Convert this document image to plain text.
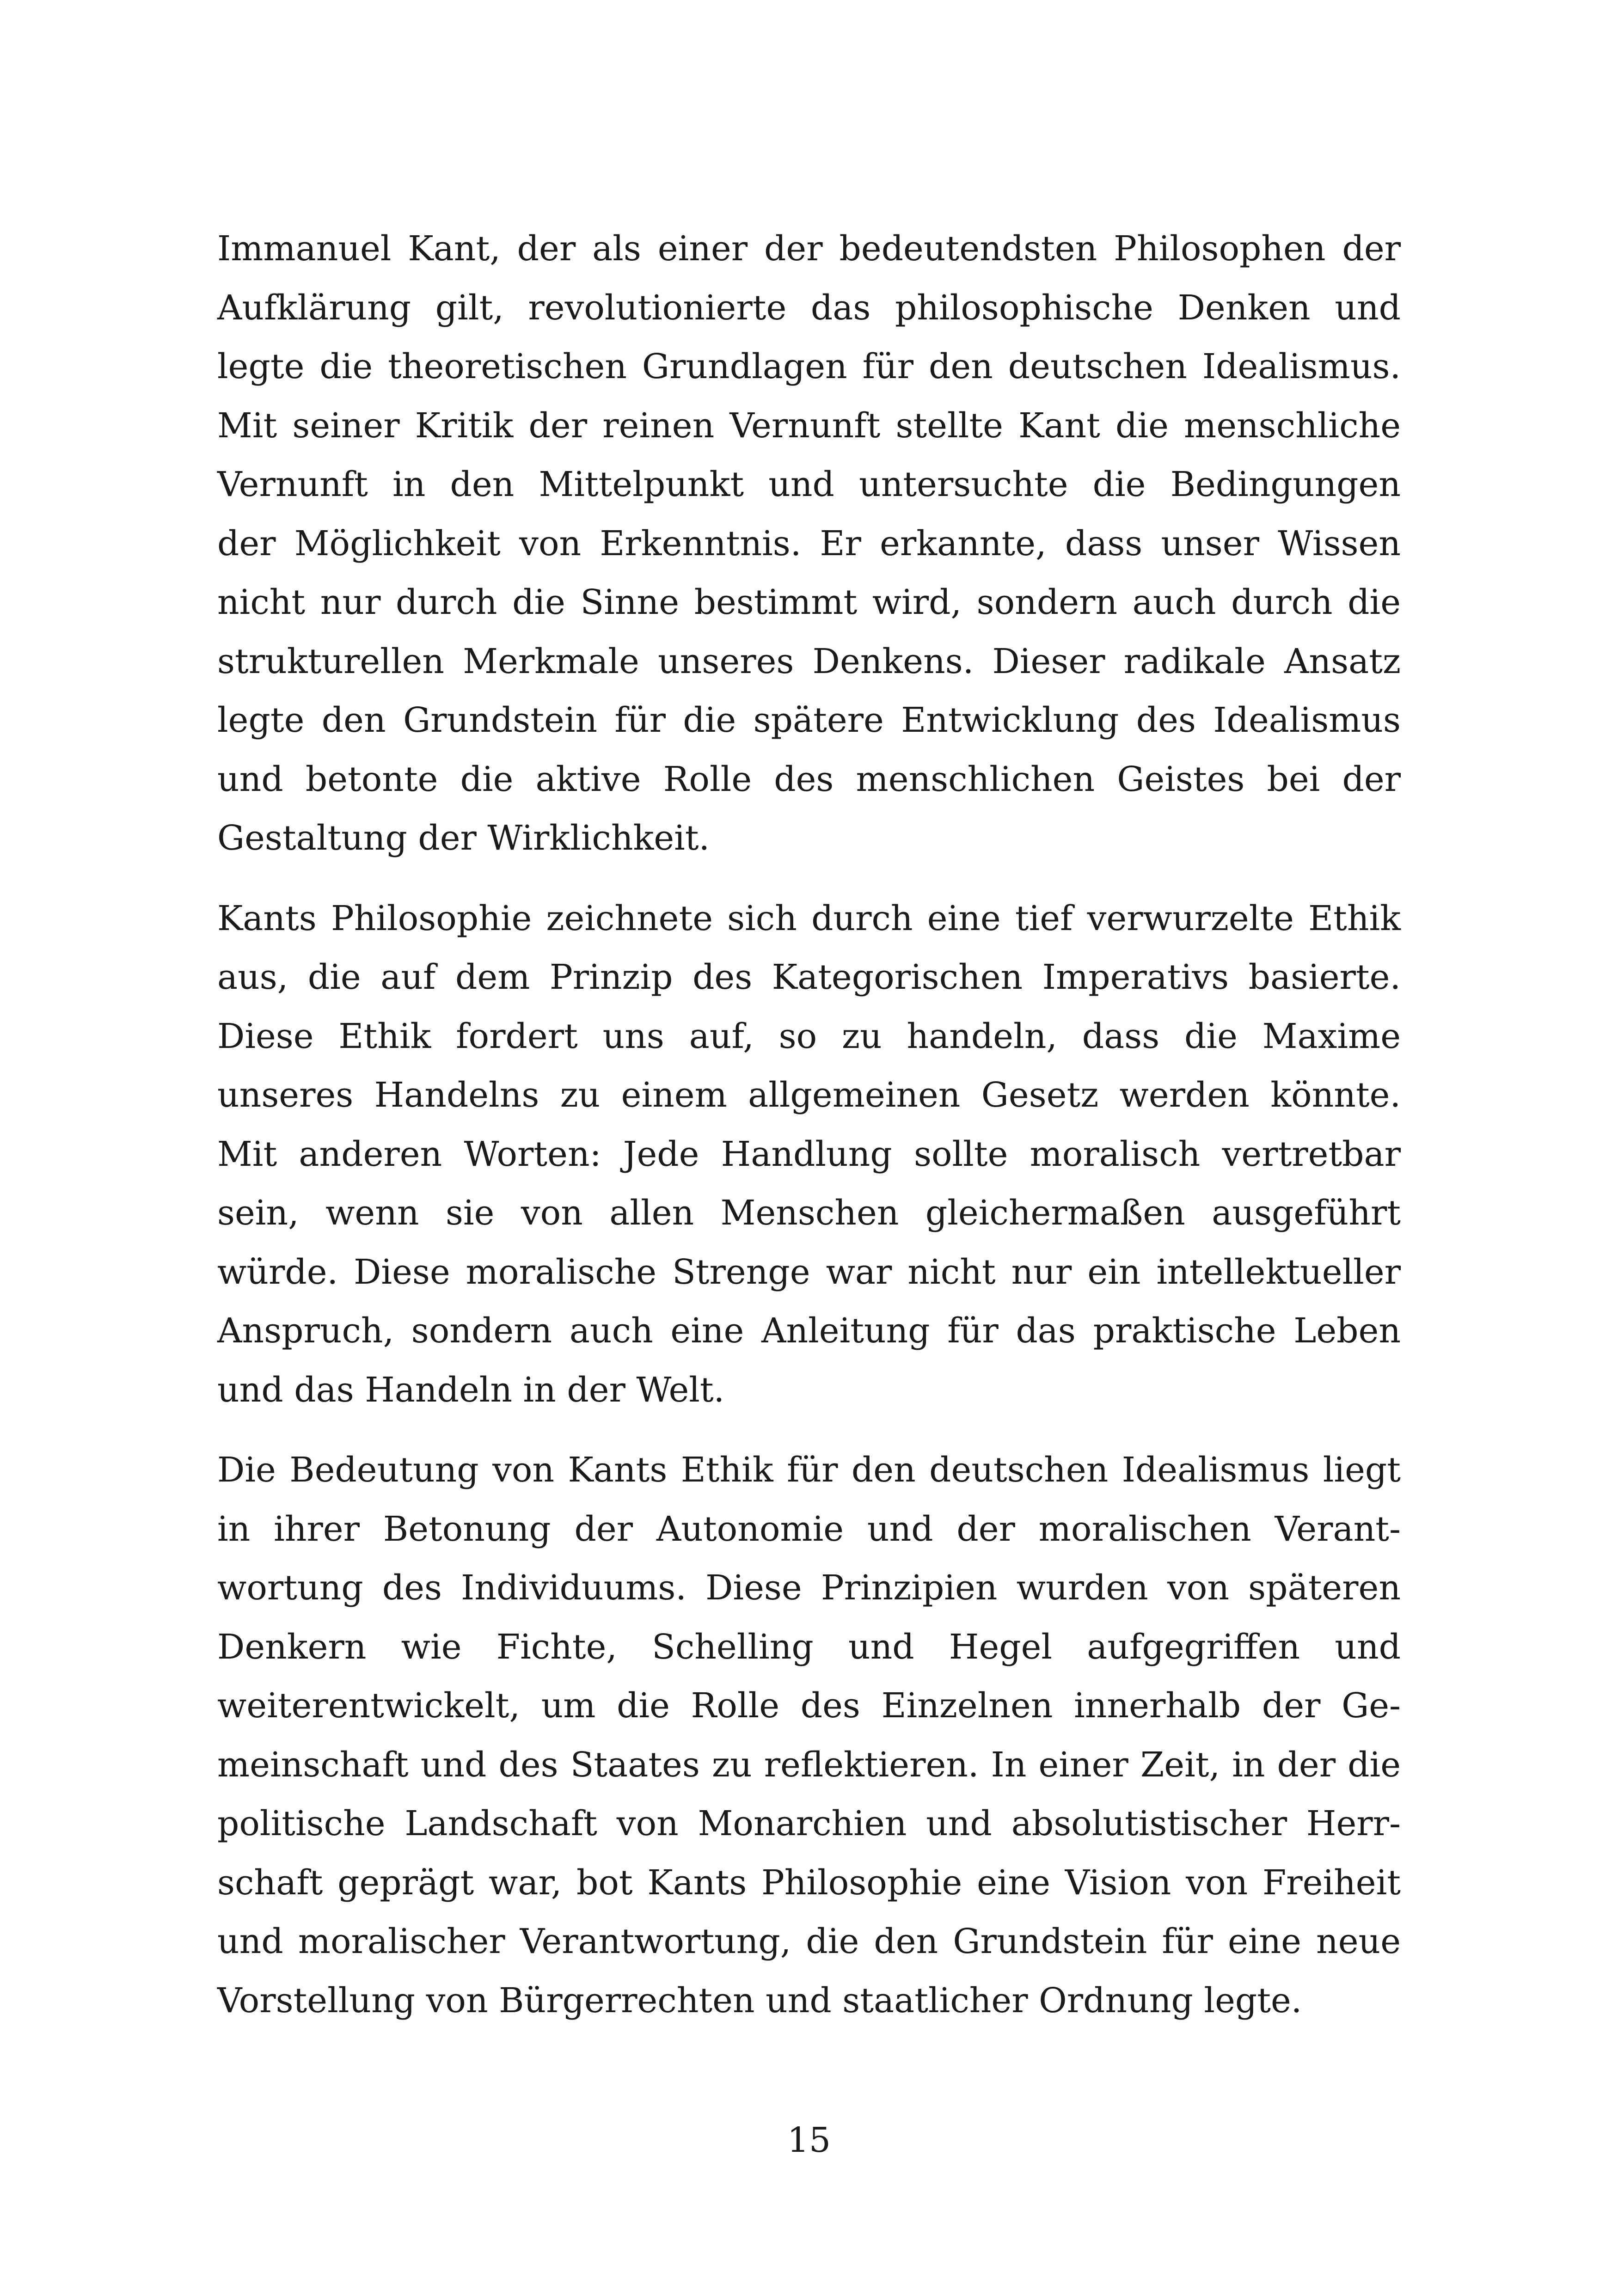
Immanuel Kant, der als einer der bedeutendsten Philosophen der
Aufklärung gilt, revolutionierte das philosophische Denken und
legte die theoretischen Grundlagen für den deutschen Idealismus.
Mit seiner Kritik der reinen Vernunft stellte Kant die menschliche
Vernunft in den Mittelpunkt und untersuchte die Bedingungen
der Möglichkeit von Erkenntnis. Er erkannte, dass unser Wissen
nicht nur durch die Sinne bestimmt wird, sondern auch durch die
strukturellen Merkmale unseres Denkens. Dieser radikale Ansatz
legte den Grundstein für die spätere Entwicklung des Idealismus
und betonte die aktive Rolle des menschlichen Geistes bei der
Gestaltung der Wirklichkeit.

Kants Philosophie zeichnete sich durch eine tief verwurzelte Ethik
aus, die auf dem Prinzip des Kategorischen Imperativs basierte.
Diese Ethik fordert uns auf, so zu handeln, dass die Maxime
unseres Handelns zu einem allgemeinen Gesetz werden könnte.
Mit anderen Worten: Jede Handlung sollte moralisch vertretbar
sein, wenn sie von allen Menschen gleichermaßen ausgeführt
würde. Diese moralische Strenge war nicht nur ein intellektueller
Anspruch, sondern auch eine Anleitung für das praktische Leben
und das Handeln in der Welt.

Die Bedeutung von Kants Ethik für den deutschen Idealismus liegt
in ihrer Betonung der Autonomie und der moralischen Verant-
wortung des Individuums. Diese Prinzipien wurden von späteren
Denkern wie Fichte, Schelling und Hegel aufgegriffen und
weiterentwickelt, um die Rolle des Einzelnen innerhalb der Ge-
meinschaft und des Staates zu reflektieren. In einer Zeit, in der die
politische Landschaft von Monarchien und absolutistischer Herr-
schaft geprägt war, bot Kants Philosophie eine Vision von Freiheit
und moralischer Verantwortung, die den Grundstein für eine neue
Vorstellung von Bürgerrechten und staatlicher Ordnung legte.

15
